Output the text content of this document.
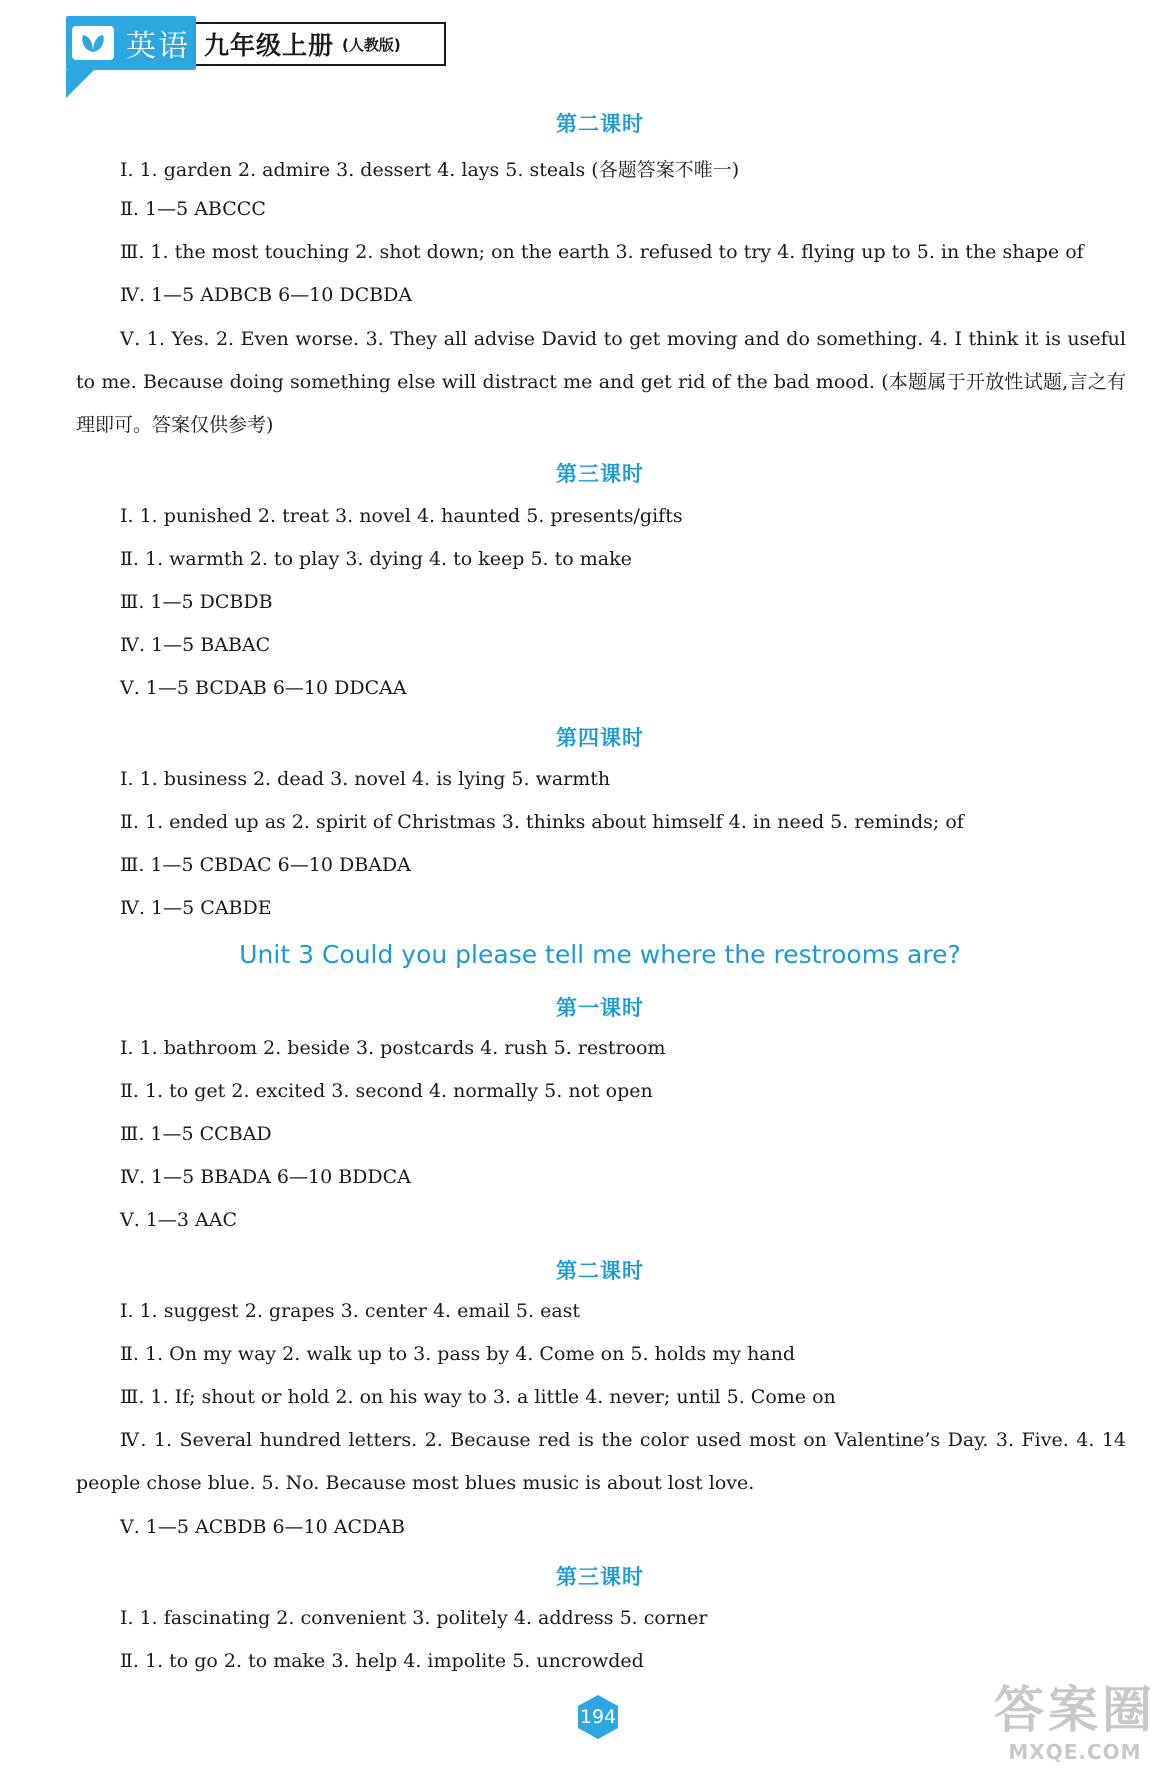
英语 九年级上册 (人教版)
第二课时
Ⅰ. 1. garden 2. admire 3. dessert 4. lays 5. steals (各题答案不唯一)
Ⅱ. 1—5 ABCCC
Ⅲ. 1. the most touching 2. shot down; on the earth 3. refused to try 4. flying up to 5. in the shape of
Ⅳ. 1—5 ADBCB 6—10 DCBDA
Ⅴ. 1. Yes. 2. Even worse. 3. They all advise David to get moving and do something. 4. I think it is useful to me. Because doing something else will distract me and get rid of the bad mood. (本题属于开放性试题,言之有理即可。答案仅供参考)
第三课时
Ⅰ. 1. punished 2. treat 3. novel 4. haunted 5. presents/gifts
Ⅱ. 1. warmth 2. to play 3. dying 4. to keep 5. to make
Ⅲ. 1—5 DCBDB
Ⅳ. 1—5 BABAC
Ⅴ. 1—5 BCDAB 6—10 DDCAA
第四课时
Ⅰ. 1. business 2. dead 3. novel 4. is lying 5. warmth
Ⅱ. 1. ended up as 2. spirit of Christmas 3. thinks about himself 4. in need 5. reminds; of
Ⅲ. 1—5 CBDAC 6—10 DBADA
Ⅳ. 1—5 CABDE
Unit 3 Could you please tell me where the restrooms are?
第一课时
Ⅰ. 1. bathroom 2. beside 3. postcards 4. rush 5. restroom
Ⅱ. 1. to get 2. excited 3. second 4. normally 5. not open
Ⅲ. 1—5 CCBAD
Ⅳ. 1—5 BBADA 6—10 BDDCA
Ⅴ. 1—3 AAC
第二课时
Ⅰ. 1. suggest 2. grapes 3. center 4. email 5. east
Ⅱ. 1. On my way 2. walk up to 3. pass by 4. Come on 5. holds my hand
Ⅲ. 1. If; shout or hold 2. on his way to 3. a little 4. never; until 5. Come on
Ⅳ. 1. Several hundred letters. 2. Because red is the color used most on Valentine’s Day. 3. Five. 4. 14 people chose blue. 5. No. Because most blues music is about lost love.
Ⅴ. 1—5 ACBDB 6—10 ACDAB
第三课时
Ⅰ. 1. fascinating 2. convenient 3. politely 4. address 5. corner
Ⅱ. 1. to go 2. to make 3. help 4. impolite 5. uncrowded
194	答案圈
MXQE.COM
